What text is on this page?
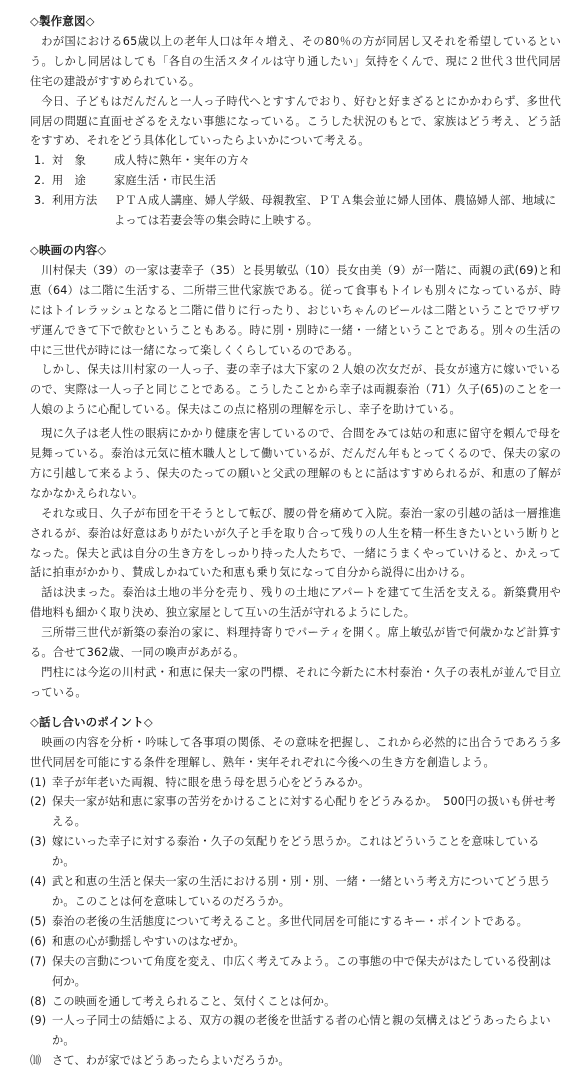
◇製作意図◇

わが国における65歳以上の老年人口は年々増え、その80％の方が同居し又それを希望しているという。しかし同居はしても「各自の生活スタイルは守り通したい」気持をくんで、現に２世代３世代同居住宅の建設がすすめられている。

今日、子どもはだんだんと一人っ子時代へとすすんでおり、好むと好まざるとにかかわらず、多世代同居の問題に直面せざるをえない事態になっている。こうした状況のもとで、家族はどう考え、どう話をすすめ、それをどう具体化していったらよいかについて考える。

1. 対　象	成人特に熟年・実年の方々
2. 用　途	家庭生活・市民生活
3. 利用方法	ＰＴＡ成人講座、婦人学級、母親教室、ＰＴＡ集会並に婦人団体、農協婦人部、地域によっては若妻会等の集会時に上映する。

◇映画の内容◇

川村保夫（39）の一家は妻幸子（35）と長男敏弘（10）長女由美（9）が一階に、両親の武(69)と和恵（64）は二階に生活する、二所帯三世代家族である。従って食事もトイレも別々になっているが、時にはトイレラッシュとなると二階に借りに行ったり、おじいちゃんのビールは二階ということでワザワザ運んできて下で飲むということもある。時に別・別時に一緒・一緒ということである。別々の生活の中に三世代が時には一緒になって楽しくくらしているのである。

しかし、保夫は川村家の一人っ子、妻の幸子は大下家の２人娘の次女だが、長女が遠方に嫁いでいるので、実際は一人っ子と同じことである。こうしたことから幸子は両親泰治（71）久子(65)のことを一人娘のように心配している。保夫はこの点に格別の理解を示し、幸子を助けている。

現に久子は老人性の眼病にかかり健康を害しているので、合間をみては姑の和恵に留守を頼んで母を見舞っている。泰治は元気に植木職人として働いているが、だんだん年もとってくるので、保夫の家の方に引越して来るよう、保夫のたっての願いと父武の理解のもとに話はすすめられるが、和恵の了解がなかなかえられない。

それな或日、久子が布団を干そうとして転び、腰の骨を痛めて入院。泰治一家の引越の話は一層推進されるが、泰治は好意はありがたいが久子と手を取り合って残りの人生を精一杯生きたいという断りとなった。保夫と武は自分の生き方をしっかり持った人たちで、一緒にうまくやっていけると、かえって話に拍車がかかり、賛成しかねていた和恵も乗り気になって自分から説得に出かける。

話は決まった。泰治は土地の半分を売り、残りの土地にアパートを建てて生活を支える。新築費用や借地料も細かく取り決め、独立家屋として互いの生活が守れるようにした。

三所帯三世代が新築の泰治の家に、料理持寄りでパーティを開く。席上敏弘が皆で何歳かなど計算する。合せて362歳、一同の喚声があがる。

門柱には今迄の川村武・和恵に保夫一家の門標、それに今新たに木村泰治・久子の表札が並んで目立っている。

◇話し合いのポイント◇

映画の内容を分析・吟味して各事項の関係、その意味を把握し、これから必然的に出合うであろう多世代同居を可能にする条件を理解し、熟年・実年それぞれに今後への生き方を創造しよう。

(1) 幸子が年老いた両親、特に眼を患う母を思う心をどうみるか。
(2) 保夫一家が姑和恵に家事の苦労をかけることに対する心配りをどうみるか。　500円の扱いも併せ考える。
(3) 嫁にいった幸子に対する泰治・久子の気配りをどう思うか。これはどういうことを意味しているか。
(4) 武と和恵の生活と保夫一家の生活における別・別・別、一緒・一緒という考え方についてどう思うか。このことは何を意味しているのだろうか。
(5) 泰治の老後の生活態度について考えること。多世代同居を可能にするキー・ポイントである。
(6) 和恵の心が動揺しやすいのはなぜか。
(7) 保夫の言動について角度を変え、巾広く考えてみよう。この事態の中で保夫がはたしている役割は何か。
(8) この映画を通して考えられること、気付くことは何か。
(9) 一人っ子同士の結婚による、双方の親の老後を世話する者の心情と親の気構えはどうあったらよいか。
⑽ さて、わが家ではどうあったらよいだろうか。
